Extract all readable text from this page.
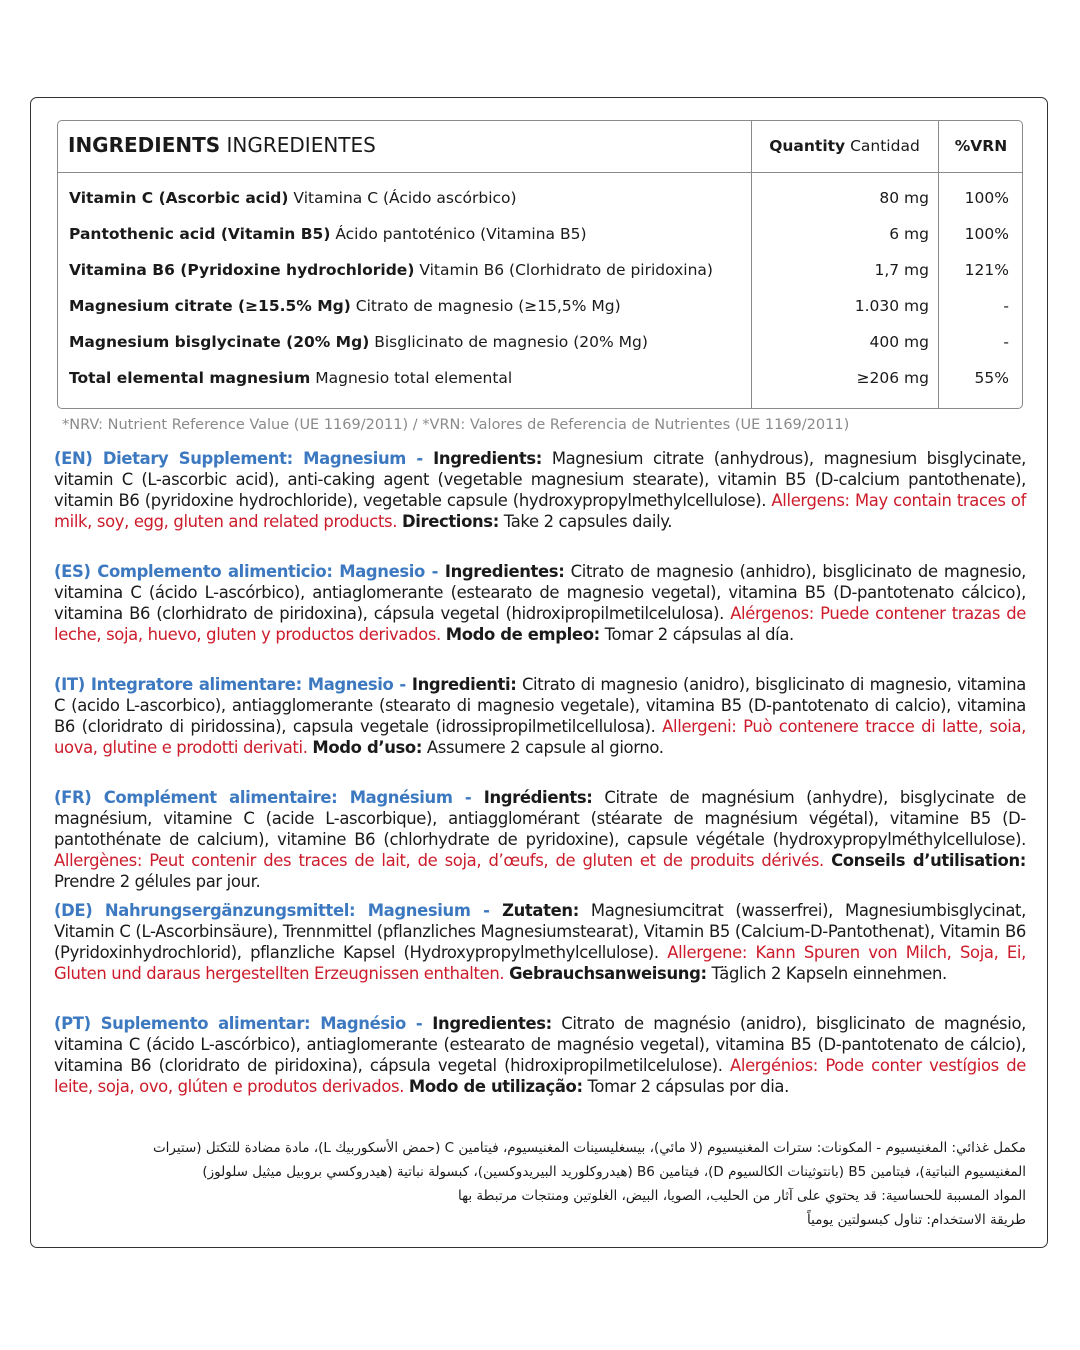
INGREDIENTS INGREDIENTES	Quantity Cantidad	%VRN
Vitamin C (Ascorbic acid) Vitamina C (Ácido ascórbico)	80 mg	100%
Pantothenic acid (Vitamin B5) Ácido pantoténico (Vitamina B5)	6 mg	100%
Vitamina B6 (Pyridoxine hydrochloride) Vitamin B6 (Clorhidrato de piridoxina)	1,7 mg	121%
Magnesium citrate (≥15.5% Mg) Citrato de magnesio (≥15,5% Mg)	1.030 mg	-
Magnesium bisglycinate (20% Mg) Bisglicinato de magnesio (20% Mg)	400 mg	-
Total elemental magnesium Magnesio total elemental	≥206 mg	55%
*NRV: Nutrient Reference Value (UE 1169/2011) / *VRN: Valores de Referencia de Nutrientes (UE 1169/2011)
(EN) Dietary Supplement: Magnesium - Ingredients: Magnesium citrate (anhydrous), magnesium bisglycinate, vitamin C (L-ascorbic acid), anti-caking agent (vegetable magnesium stearate), vitamin B5 (D-calcium pantothenate), vitamin B6 (pyridoxine hydrochloride), vegetable capsule (hydroxypropylmethylcellulose). Allergens: May contain traces of milk, soy, egg, gluten and related products. Directions: Take 2 capsules daily.
(ES) Complemento alimenticio: Magnesio - Ingredientes: Citrato de magnesio (anhidro), bisglicinato de magnesio, vitamina C (ácido L-ascórbico), antiaglomerante (estearato de magnesio vegetal), vitamina B5 (D-pantotenato cálcico), vitamina B6 (clorhidrato de piridoxina), cápsula vegetal (hidroxipropilmetilcelulosa). Alérgenos: Puede contener trazas de leche, soja, huevo, gluten y productos derivados. Modo de empleo: Tomar 2 cápsulas al día.
(IT) Integratore alimentare: Magnesio - Ingredienti: Citrato di magnesio (anidro), bisglicinato di magnesio, vitamina C (acido L-ascorbico), antiagglomerante (stearato di magnesio vegetale), vitamina B5 (D-pantotenato di calcio), vitamina B6 (cloridrato di piridossina), capsula vegetale (idrossipropilmetilcellulosa). Allergeni: Può contenere tracce di latte, soia, uova, glutine e prodotti derivati. Modo d’uso: Assumere 2 capsule al giorno.
(FR) Complément alimentaire: Magnésium - Ingrédients: Citrate de magnésium (anhydre), bisglycinate de magnésium, vitamine C (acide L-ascorbique), antiagglomérant (stéarate de magnésium végétal), vitamine B5 (D-pantothénate de calcium), vitamine B6 (chlorhydrate de pyridoxine), capsule végétale (hydroxypropylméthylcellulose). Allergènes: Peut contenir des traces de lait, de soja, d’œufs, de gluten et de produits dérivés. Conseils d’utilisation: Prendre 2 gélules par jour.
(DE) Nahrungsergänzungsmittel: Magnesium - Zutaten: Magnesiumcitrat (wasserfrei), Magnesiumbisglycinat, Vitamin C (L-Ascorbinsäure), Trennmittel (pflanzliches Magnesiumstearat), Vitamin B5 (Calcium-D-Pantothenat), Vitamin B6 (Pyridoxinhydrochlorid), pflanzliche Kapsel (Hydroxypropylmethylcellulose). Allergene: Kann Spuren von Milch, Soja, Ei, Gluten und daraus hergestellten Erzeugnissen enthalten. Gebrauchsanweisung: Täglich 2 Kapseln einnehmen.
(PT) Suplemento alimentar: Magnésio - Ingredientes: Citrato de magnésio (anidro), bisglicinato de magnésio, vitamina C (ácido L-ascórbico), antiaglomerante (estearato de magnésio vegetal), vitamina B5 (D-pantotenato de cálcio), vitamina B6 (cloridrato de piridoxina), cápsula vegetal (hidroxipropilmetilcelulose). Alergénios: Pode conter vestígios de leite, soja, ovo, glúten e produtos derivados. Modo de utilização: Tomar 2 cápsulas por dia.
مكمل غذائي: المغنيسيوم - المكونات: سترات المغنيسيوم (لا مائي)، بيسغليسينات المغنيسيوم، فيتامين C (حمض الأسكوربيك L)، مادة مضادة للتكتل (ستيرات
المغنيسيوم النباتية)، فيتامين B5 (بانتوثينات الكالسيوم D)، فيتامين B6 (هيدروكلوريد البيريدوكسين)، كبسولة نباتية (هيدروكسي بروبيل ميثيل سلولوز)
المواد المسببة للحساسية: قد يحتوي على آثار من الحليب، الصويا، البيض، الغلوتين ومنتجات مرتبطة بها
طريقة الاستخدام: تناول كبسولتين يومياً
